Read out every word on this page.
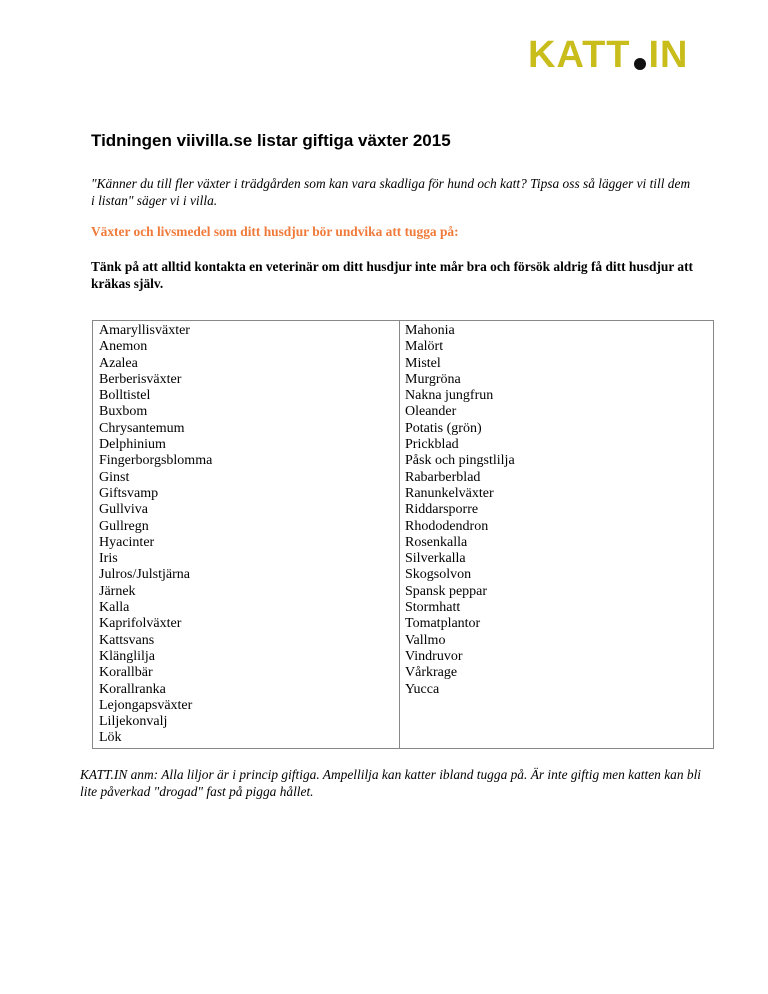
KATT IN
Tidningen viivilla.se listar giftiga växter 2015

"Känner du till fler växter i trädgården som kan vara skadliga för hund och katt? Tipsa oss så lägger vi till dem i listan" säger vi i villa.

Växter och livsmedel som ditt husdjur bör undvika att tugga på:

Tänk på att alltid kontakta en veterinär om ditt husdjur inte mår bra och försök aldrig få ditt husdjur att kräkas själv.

Amaryllisväxter
Anemon
Azalea
Berberisväxter
Bolltistel
Buxbom
Chrysantemum
Delphinium
Fingerborgsblomma
Ginst
Giftsvamp
Gullviva
Gullregn
Hyacinter
Iris
Julros/Julstjärna
Järnek
Kalla
Kaprifolväxter
Kattsvans
Klänglilja
Korallbär
Korallranka
Lejongapsväxter
Liljekonvalj
Lök
Mahonia
Malört
Mistel
Murgröna
Nakna jungfrun
Oleander
Potatis (grön)
Prickblad
Påsk och pingstlilja
Rabarberblad
Ranunkelväxter
Riddarsporre
Rhododendron
Rosenkalla
Silverkalla
Skogsolvon
Spansk peppar
Stormhatt
Tomatplantor
Vallmo
Vindruvor
Vårkrage
Yucca

KATT.IN anm: Alla liljor är i princip giftiga. Ampellilja kan katter ibland tugga på. Är inte giftig men katten kan bli lite påverkad "drogad" fast på pigga hållet.
